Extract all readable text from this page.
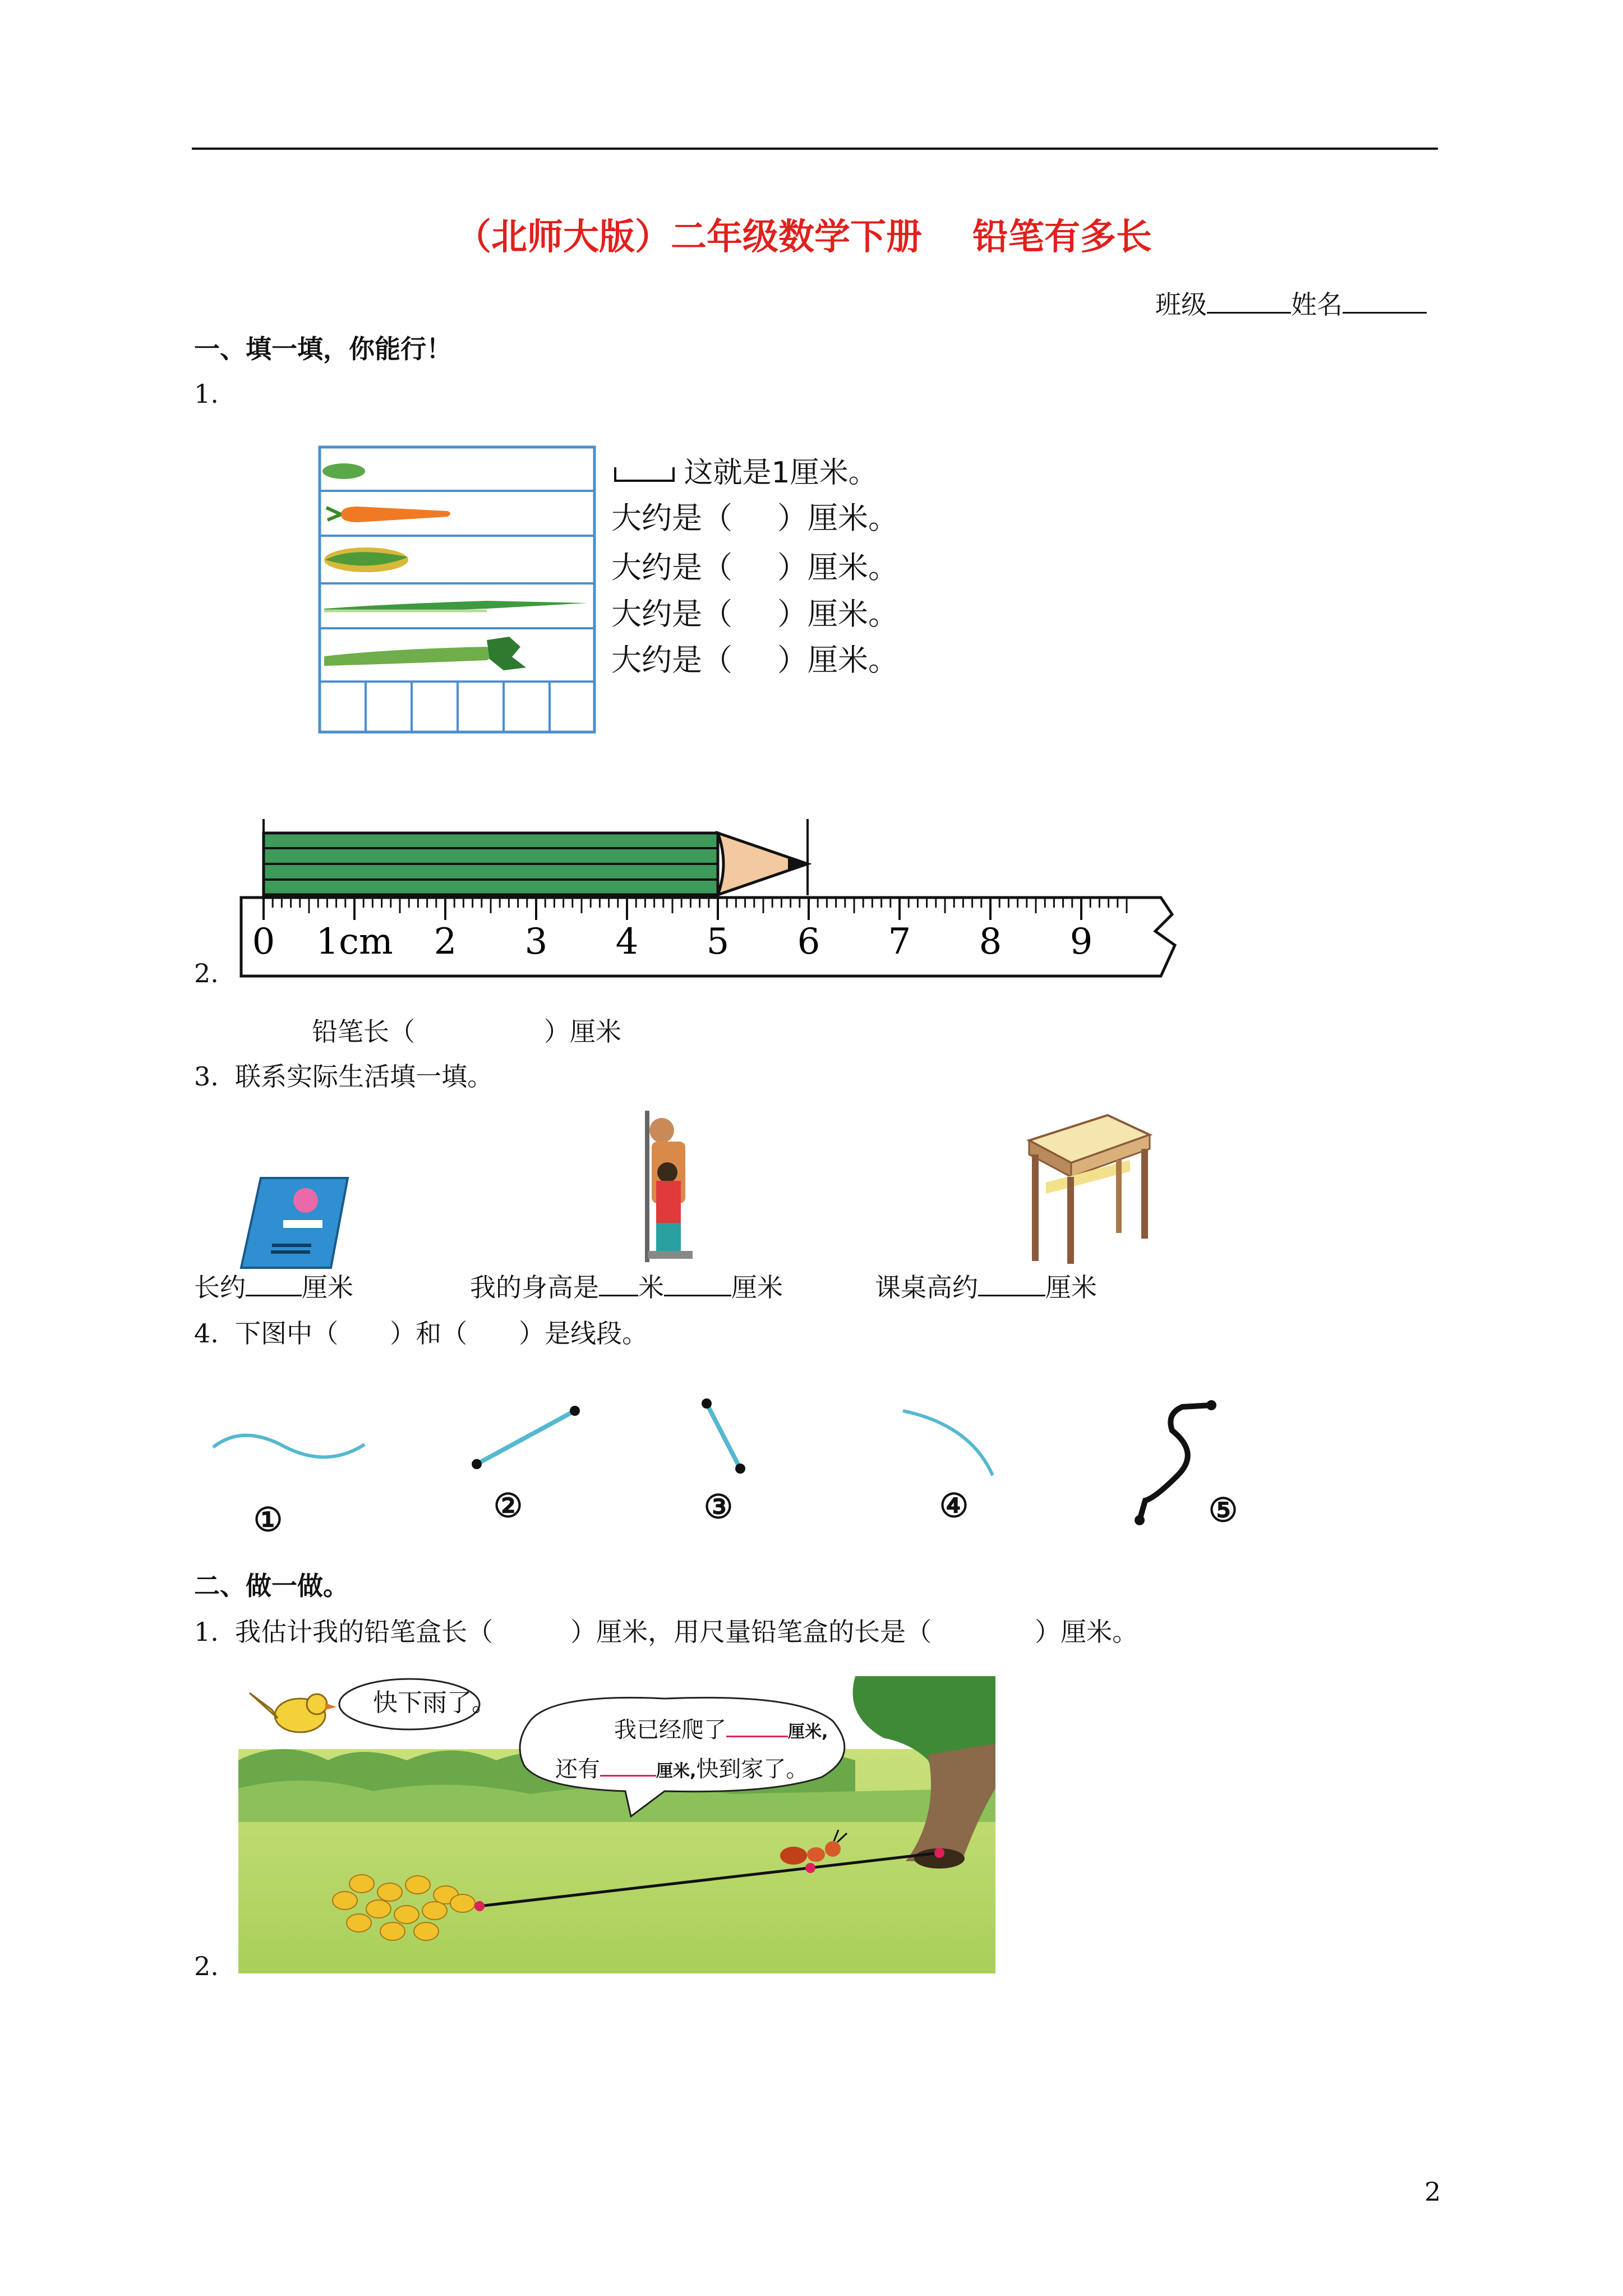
（北师大版）二年级数学下册 铅笔有多长
班级	姓名
一、填一填，你能行！
1.
这就是1厘米。
大约是（ ）厘米。
大约是（ ）厘米。
大约是（ ）厘米。
大约是（ ）厘米。
0 1cm 2 3 4 5 6 7 8 9
2.
铅笔长（	）厘米
3. 联系实际生活填一填。
长约 厘米	我的身高是 米	厘米	课桌高约	厘米
4. 下图中（　　）和（　　）是线段。
①	②	③	④	⑤
二、做一做。
1. 我估计我的铅笔盒长（　　　）厘米，用尺量铅笔盒的长是（　　　　）厘米。
快下雨了。
我已经爬了	厘米,
还有	厘米,快到家了。
2.
2
